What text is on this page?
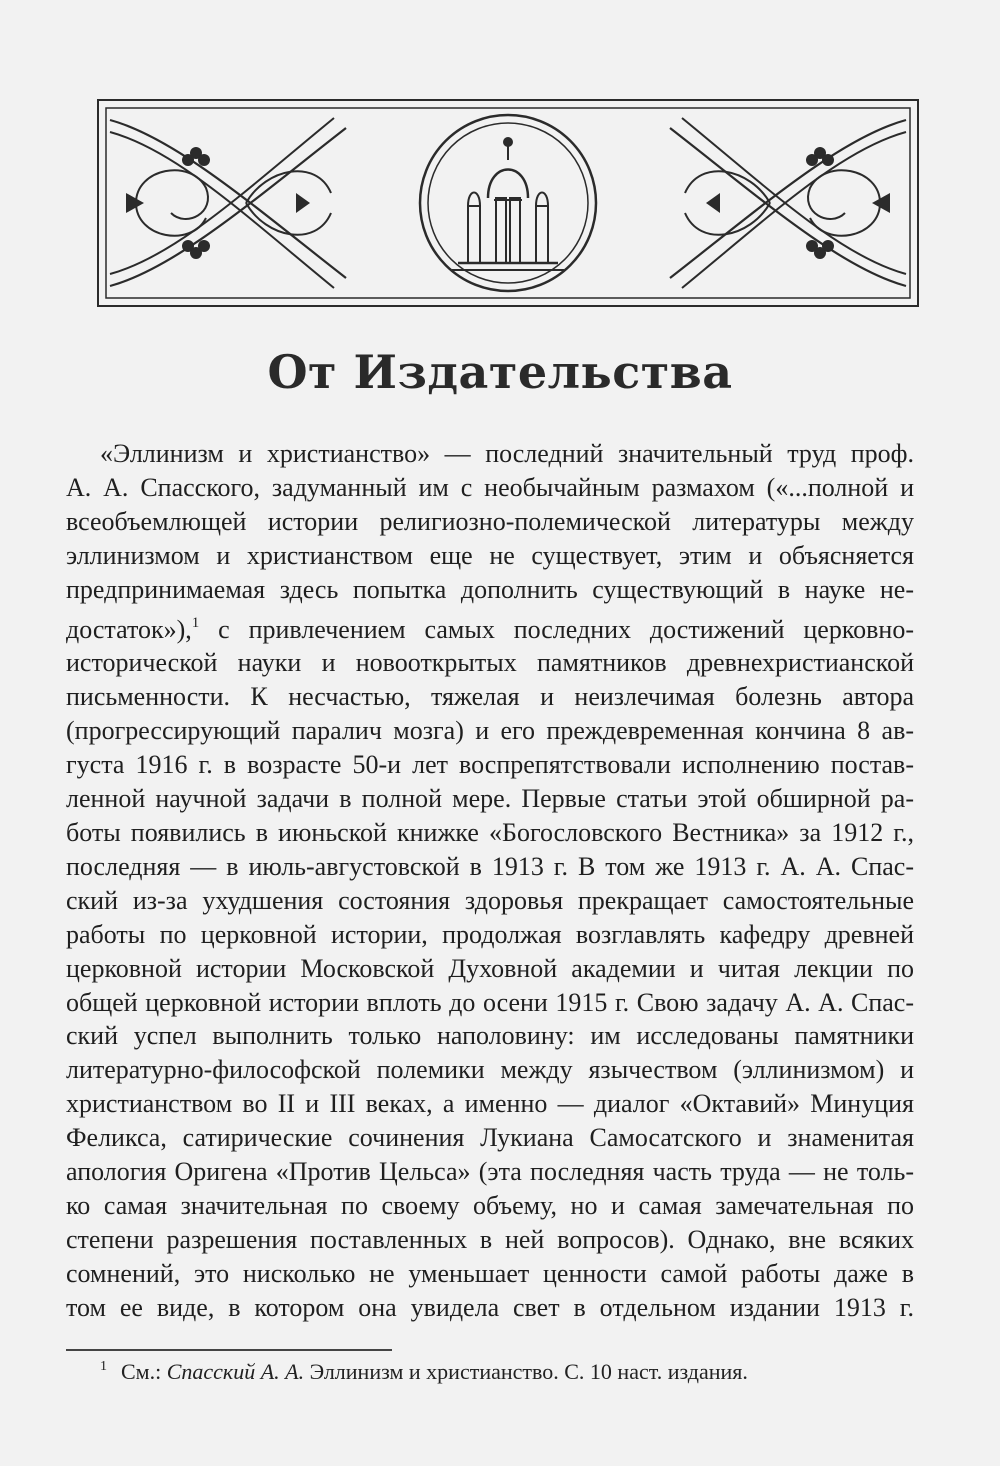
От Издательства
«Эллинизм и христианство» — последний значительный труд проф.
А. А. Спасского, задуманный им с необычайным размахом («...полной и
всеобъемлющей истории религиозно-полемической литературы между
эллинизмом и христианством еще не существует, этим и объясняется
предпринимаемая здесь попытка дополнить существующий в науке не-
достаток»),$^1$ с привлечением самых последних достижений церковно-
исторической науки и новооткрытых памятников древнехристианской
письменности. К несчастью, тяжелая и неизлечимая болезнь автора
(прогрессирующий паралич мозга) и его преждевременная кончина 8 ав-
густа 1916 г. в возрасте 50-и лет воспрепятствовали исполнению постав-
ленной научной задачи в полной мере. Первые статьи этой обширной ра-
боты появились в июньской книжке «Богословского Вестника» за 1912 г.,
последняя — в июль-августовской в 1913 г. В том же 1913 г. А. А. Спас-
ский из-за ухудшения состояния здоровья прекращает самостоятельные
работы по церковной истории, продолжая возглавлять кафедру древней
церковной истории Московской Духовной академии и читая лекции по
общей церковной истории вплоть до осени 1915 г. Свою задачу А. А. Спас-
ский успел выполнить только наполовину: им исследованы памятники
литературно-философской полемики между язычеством (эллинизмом) и
христианством во II и III веках, а именно — диалог «Октавий» Минуция
Феликса, сатирические сочинения Лукиана Самосатского и знаменитая
апология Оригена «Против Цельса» (эта последняя часть труда — не толь-
ко самая значительная по своему объему, но и самая замечательная по
степени разрешения поставленных в ней вопросов). Однако, вне всяких
сомнений, это нисколько не уменьшает ценности самой работы даже в
том ее виде, в котором она увидела свет в отдельном издании 1913 г.
$^1$ См.: Спасский А. А. Эллинизм и христианство. С. 10 наст. издания.
